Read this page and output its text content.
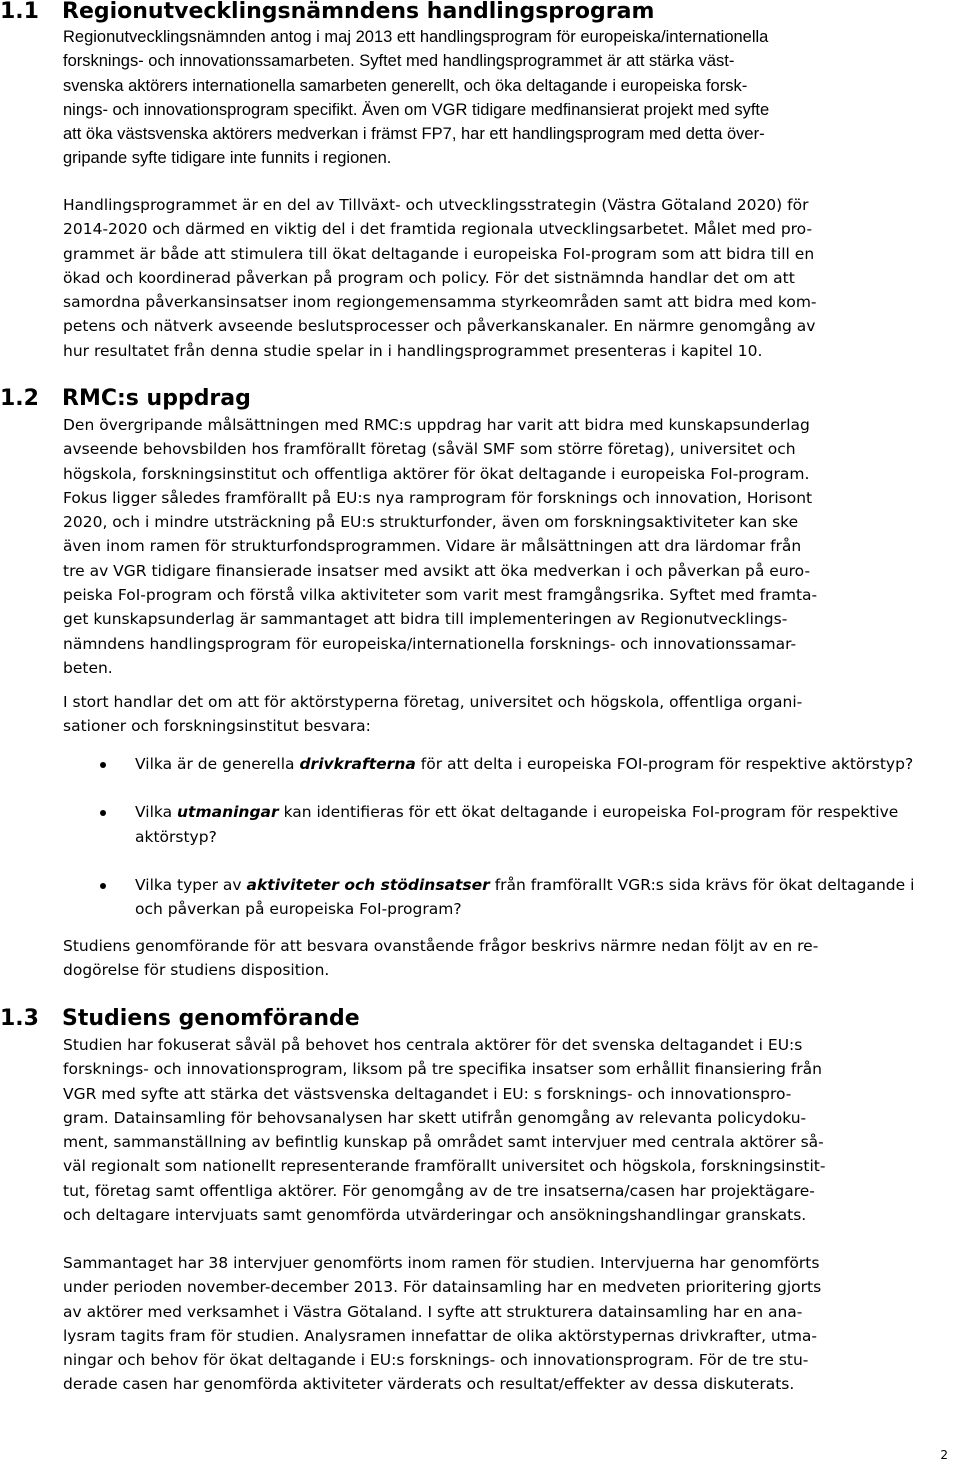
1.1 Regionutvecklingsnämndens handlingsprogram

Regionutvecklingsnämnden antog i maj 2013 ett handlingsprogram för europeiska/internationella
forsknings- och innovationssamarbeten. Syftet med handlingsprogrammet är att stärka väst-
svenska aktörers internationella samarbeten generellt, och öka deltagande i europeiska forsk-
nings- och innovationsprogram specifikt. Även om VGR tidigare medfinansierat projekt med syfte
att öka västsvenska aktörers medverkan i främst FP7, har ett handlingsprogram med detta över-
gripande syfte tidigare inte funnits i regionen.

Handlingsprogrammet är en del av Tillväxt- och utvecklingsstrategin (Västra Götaland 2020) för
2014-2020 och därmed en viktig del i det framtida regionala utvecklingsarbetet. Målet med pro-
grammet är både att stimulera till ökat deltagande i europeiska FoI-program som att bidra till en
ökad och koordinerad påverkan på program och policy. För det sistnämnda handlar det om att
samordna påverkansinsatser inom regiongemensamma styrkeområden samt att bidra med kom-
petens och nätverk avseende beslutsprocesser och påverkanskanaler. En närmre genomgång av
hur resultatet från denna studie spelar in i handlingsprogrammet presenteras i kapitel 10.

1.2 RMC:s uppdrag

Den övergripande målsättningen med RMC:s uppdrag har varit att bidra med kunskapsunderlag
avseende behovsbilden hos framförallt företag (såväl SMF som större företag), universitet och
högskola, forskningsinstitut och offentliga aktörer för ökat deltagande i europeiska FoI-program.
Fokus ligger således framförallt på EU:s nya ramprogram för forsknings och innovation, Horisont
2020, och i mindre utsträckning på EU:s strukturfonder, även om forskningsaktiviteter kan ske
även inom ramen för strukturfondsprogrammen. Vidare är målsättningen att dra lärdomar från
tre av VGR tidigare finansierade insatser med avsikt att öka medverkan i och påverkan på euro-
peiska FoI-program och förstå vilka aktiviteter som varit mest framgångsrika. Syftet med framta-
get kunskapsunderlag är sammantaget att bidra till implementeringen av Regionutvecklings-
nämndens handlingsprogram för europeiska/internationella forsknings- och innovationssamar-
beten.

I stort handlar det om att för aktörstyperna företag, universitet och högskola, offentliga organi-
sationer och forskningsinstitut besvara:

Vilka är de generella drivkrafterna för att delta i europeiska FOI-program för respektive aktörstyp?
Vilka utmaningar kan identifieras för ett ökat deltagande i europeiska FoI-program för respektive aktörstyp?
Vilka typer av aktiviteter och stödinsatser från framförallt VGR:s sida krävs för ökat deltagande i och påverkan på europeiska FoI-program?

Studiens genomförande för att besvara ovanstående frågor beskrivs närmre nedan följt av en re-
dogörelse för studiens disposition.

1.3 Studiens genomförande

Studien har fokuserat såväl på behovet hos centrala aktörer för det svenska deltagandet i EU:s
forsknings- och innovationsprogram, liksom på tre specifika insatser som erhållit finansiering från
VGR med syfte att stärka det västsvenska deltagandet i EU: s forsknings- och innovationspro-
gram. Datainsamling för behovsanalysen har skett utifrån genomgång av relevanta policydoku-
ment, sammanställning av befintlig kunskap på området samt intervjuer med centrala aktörer så-
väl regionalt som nationellt representerande framförallt universitet och högskola, forskningsinstit-
tut, företag samt offentliga aktörer. För genomgång av de tre insatserna/casen har projektägare-
och deltagare intervjuats samt genomförda utvärderingar och ansökningshandlingar granskats.

Sammantaget har 38 intervjuer genomförts inom ramen för studien. Intervjuerna har genomförts
under perioden november-december 2013. För datainsamling har en medveten prioritering gjorts
av aktörer med verksamhet i Västra Götaland. I syfte att strukturera datainsamling har en ana-
lysram tagits fram för studien. Analysramen innefattar de olika aktörstypernas drivkrafter, utma-
ningar och behov för ökat deltagande i EU:s forsknings- och innovationsprogram. För de tre stu-
derade casen har genomförda aktiviteter värderats och resultat/effekter av dessa diskuterats.

2
